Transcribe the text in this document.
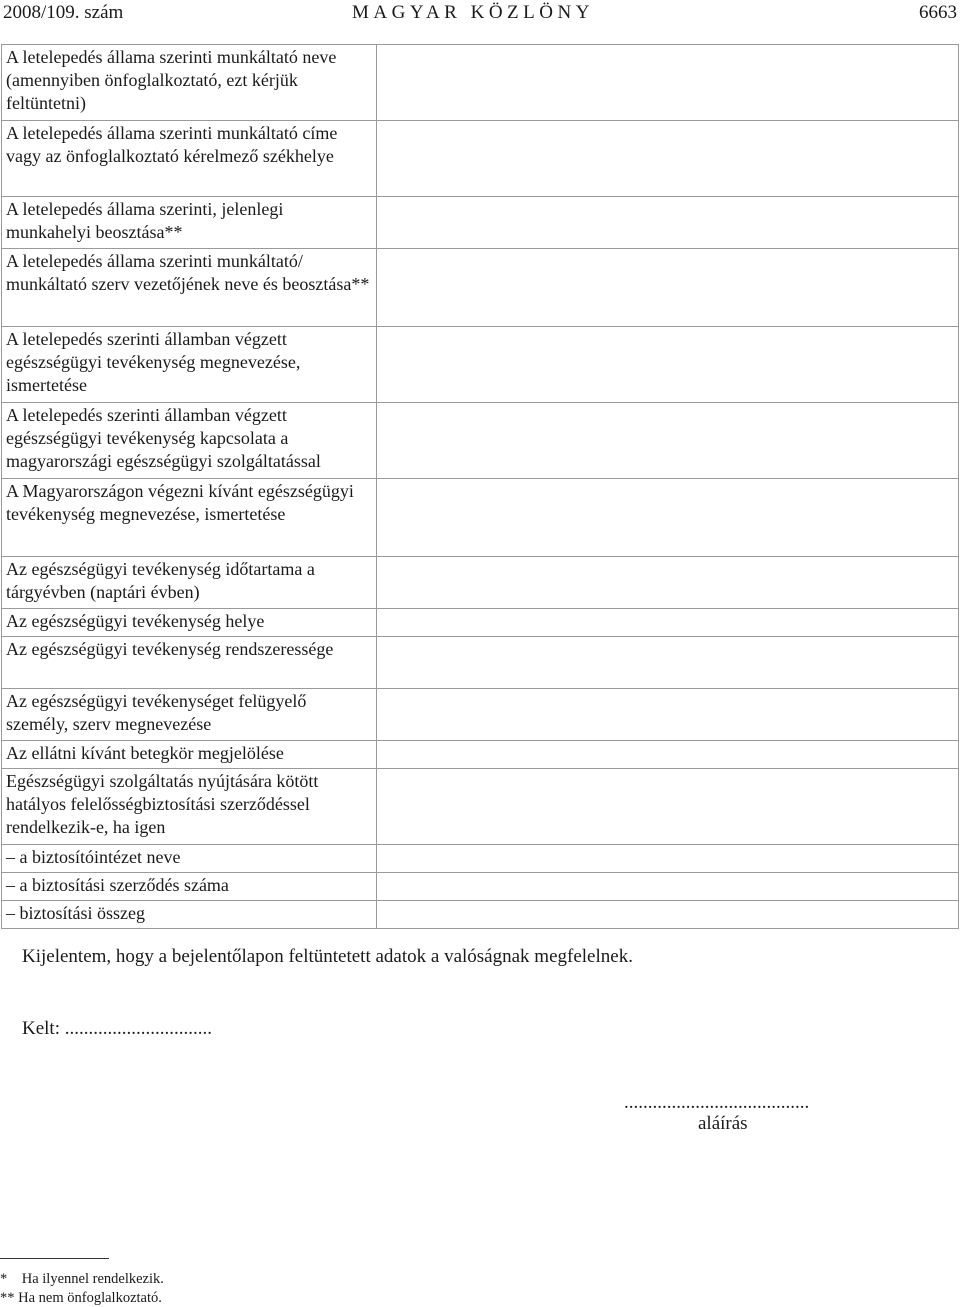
2008/109. szám	MAGYAR KÖZLÖNY	6663
A letelepedés állama szerinti munkáltató neve (amennyiben önfoglalkoztató, ezt kérjük feltüntetni)	
A letelepedés állama szerinti munkáltató címe vagy az önfoglalkoztató kérelmező székhelye	
A letelepedés állama szerinti, jelenlegi munkahelyi beosztása**	
A letelepedés állama szerinti munkáltató/ munkáltató szerv vezetőjének neve és beosztása**	
A letelepedés szerinti államban végzett egészségügyi tevékenység megnevezése, ismertetése	
A letelepedés szerinti államban végzett egészségügyi tevékenység kapcsolata a magyarországi egészségügyi szolgáltatással	
A Magyarországon végezni kívánt egészségügyi tevékenység megnevezése, ismertetése	
Az egészségügyi tevékenység időtartama a tárgyévben (naptári évben)	
Az egészségügyi tevékenység helye	
Az egészségügyi tevékenység rendszeressége	
Az egészségügyi tevékenységet felügyelő személy, szerv megnevezése	
Az ellátni kívánt betegkör megjelölése	
Egészségügyi szolgáltatás nyújtására kötött hatályos felelősségbiztosítási szerződéssel rendelkezik-e, ha igen	
– a biztosítóintézet neve	
– a biztosítási szerződés száma	
– biztosítási összeg	
Kijelentem, hogy a bejelentőlapon feltüntetett adatok a valóságnak megfelelnek.
Kelt: ...............................
.......................................
aláírás
*    Ha ilyennel rendelkezik.
** Ha nem önfoglalkoztató.
